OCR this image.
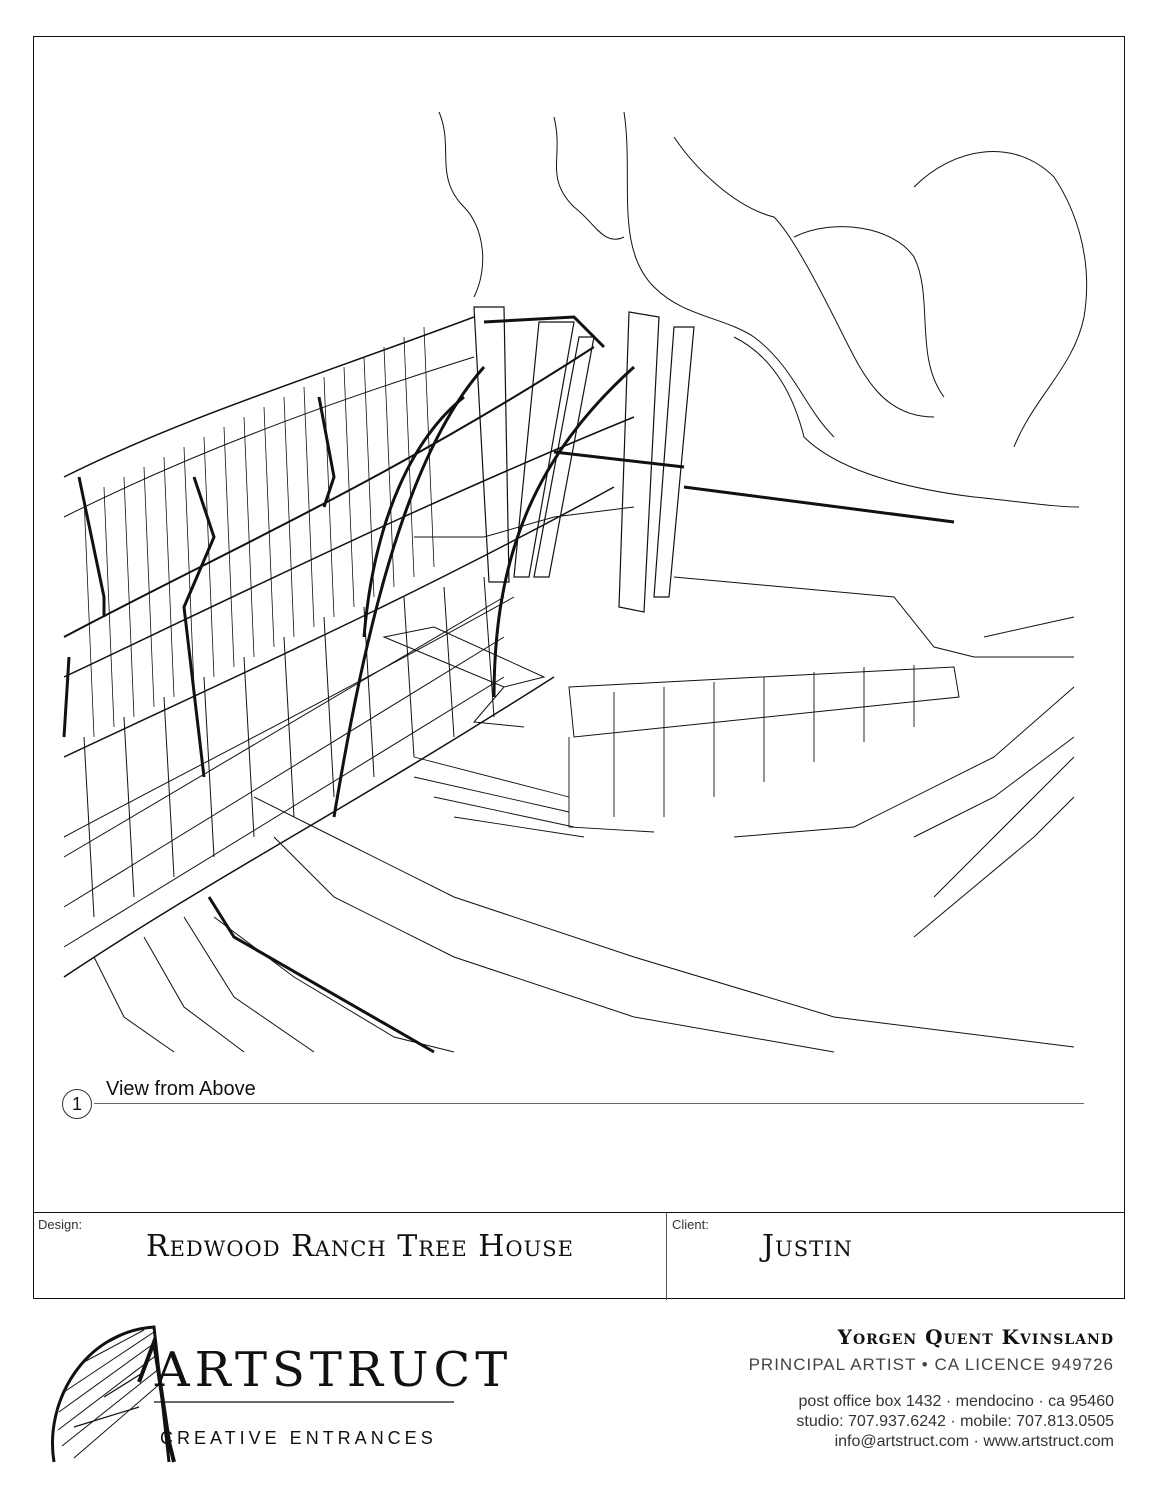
1
View from Above
Design:
Redwood Ranch Tree House
Client:
Justin
ARTSTRUCT
CREATIVE ENTRANCES
Yorgen Quent Kvinsland
PRINCIPAL ARTIST • CA LICENCE 949726
post office box 1432 · mendocino · ca 95460
studio: 707.937.6242 · mobile: 707.813.0505
info@artstruct.com · www.artstruct.com
